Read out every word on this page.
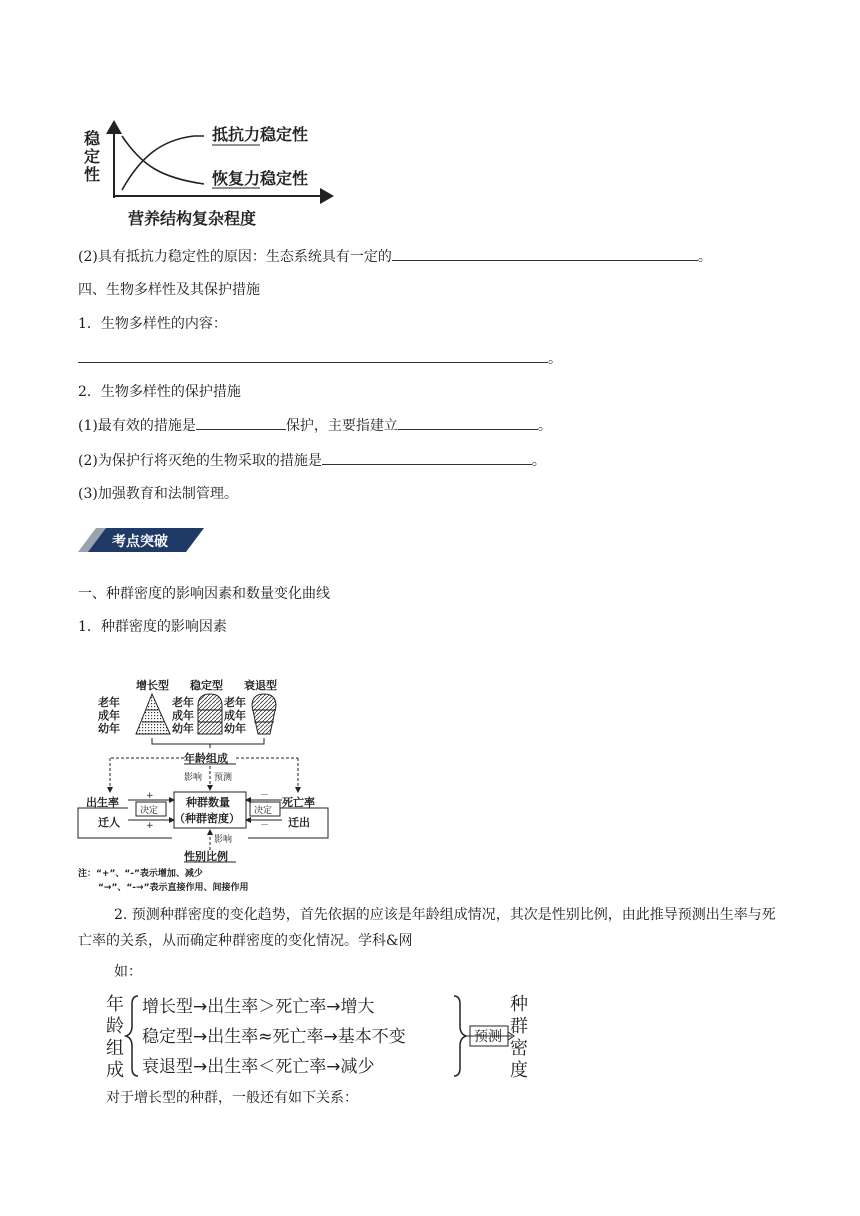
稳
定
性
抵抗力稳定性
恢复力稳定性
营养结构复杂程度
(2)具有抵抗力稳定性的原因：生态系统具有一定的	。
四、生物多样性及其保护措施
1．生物多样性的内容：
。
2．生物多样性的保护措施
(1)最有效的措施是	保护，主要指建立	。
(2)为保护行将灭绝的生物采取的措施是	。
(3)加强教育和法制管理。
考点突破
一、种群密度的影响因素和数量变化曲线
1．种群密度的影响因素
增长型 稳定型 衰退型
老年
成年
幼年
老年
成年
幼年
老年
成年
幼年
年龄组成
影响 预测
种群数量
（种群密度）
出生率
迁人
死亡率
迁出
性别比例
决定	决定
+
+
－
－
影响
注：“+”、“-”表示增加、减少
“→”、“-→”表示直接作用、间接作用
2. 预测种群密度的变化趋势，首先依据的应该是年龄组成情况，其次是性别比例，由此推导预测出生率与死亡率的关系，从而确定种群密度的变化情况。学科&网
如：
年
龄
组
成
增长型→出生率＞死亡率→增大
稳定型→出生率≈死亡率→基本不变
衰退型→出生率＜死亡率→减少
预测
种
群
密
度
对于增长型的种群，一般还有如下关系：
